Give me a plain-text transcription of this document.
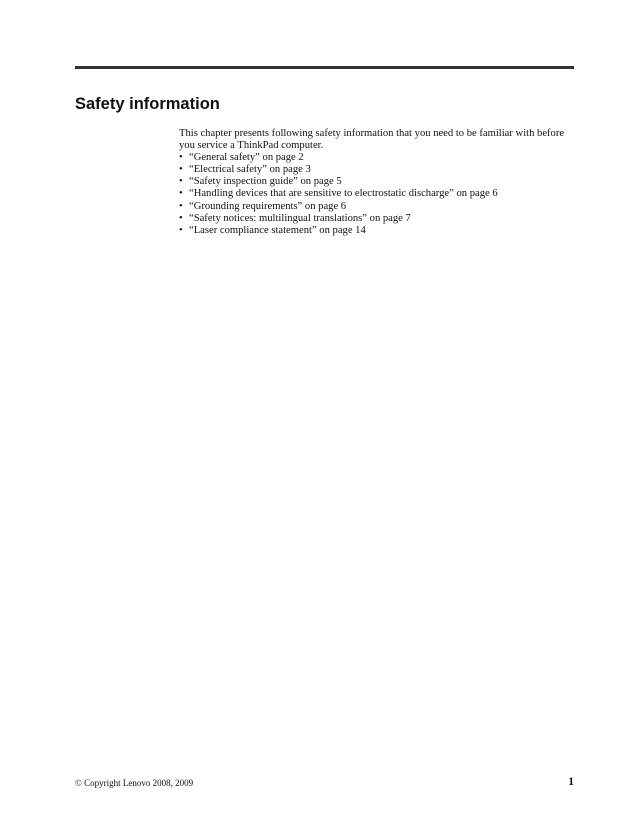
Safety information

This chapter presents following safety information that you need to be familiar with before you service a ThinkPad computer.

• “General safety” on page 2
• “Electrical safety” on page 3
• “Safety inspection guide” on page 5
• “Handling devices that are sensitive to electrostatic discharge” on page 6
• “Grounding requirements” on page 6
• “Safety notices: multilingual translations” on page 7
• “Laser compliance statement” on page 14
© Copyright Lenovo 2008, 2009	1
